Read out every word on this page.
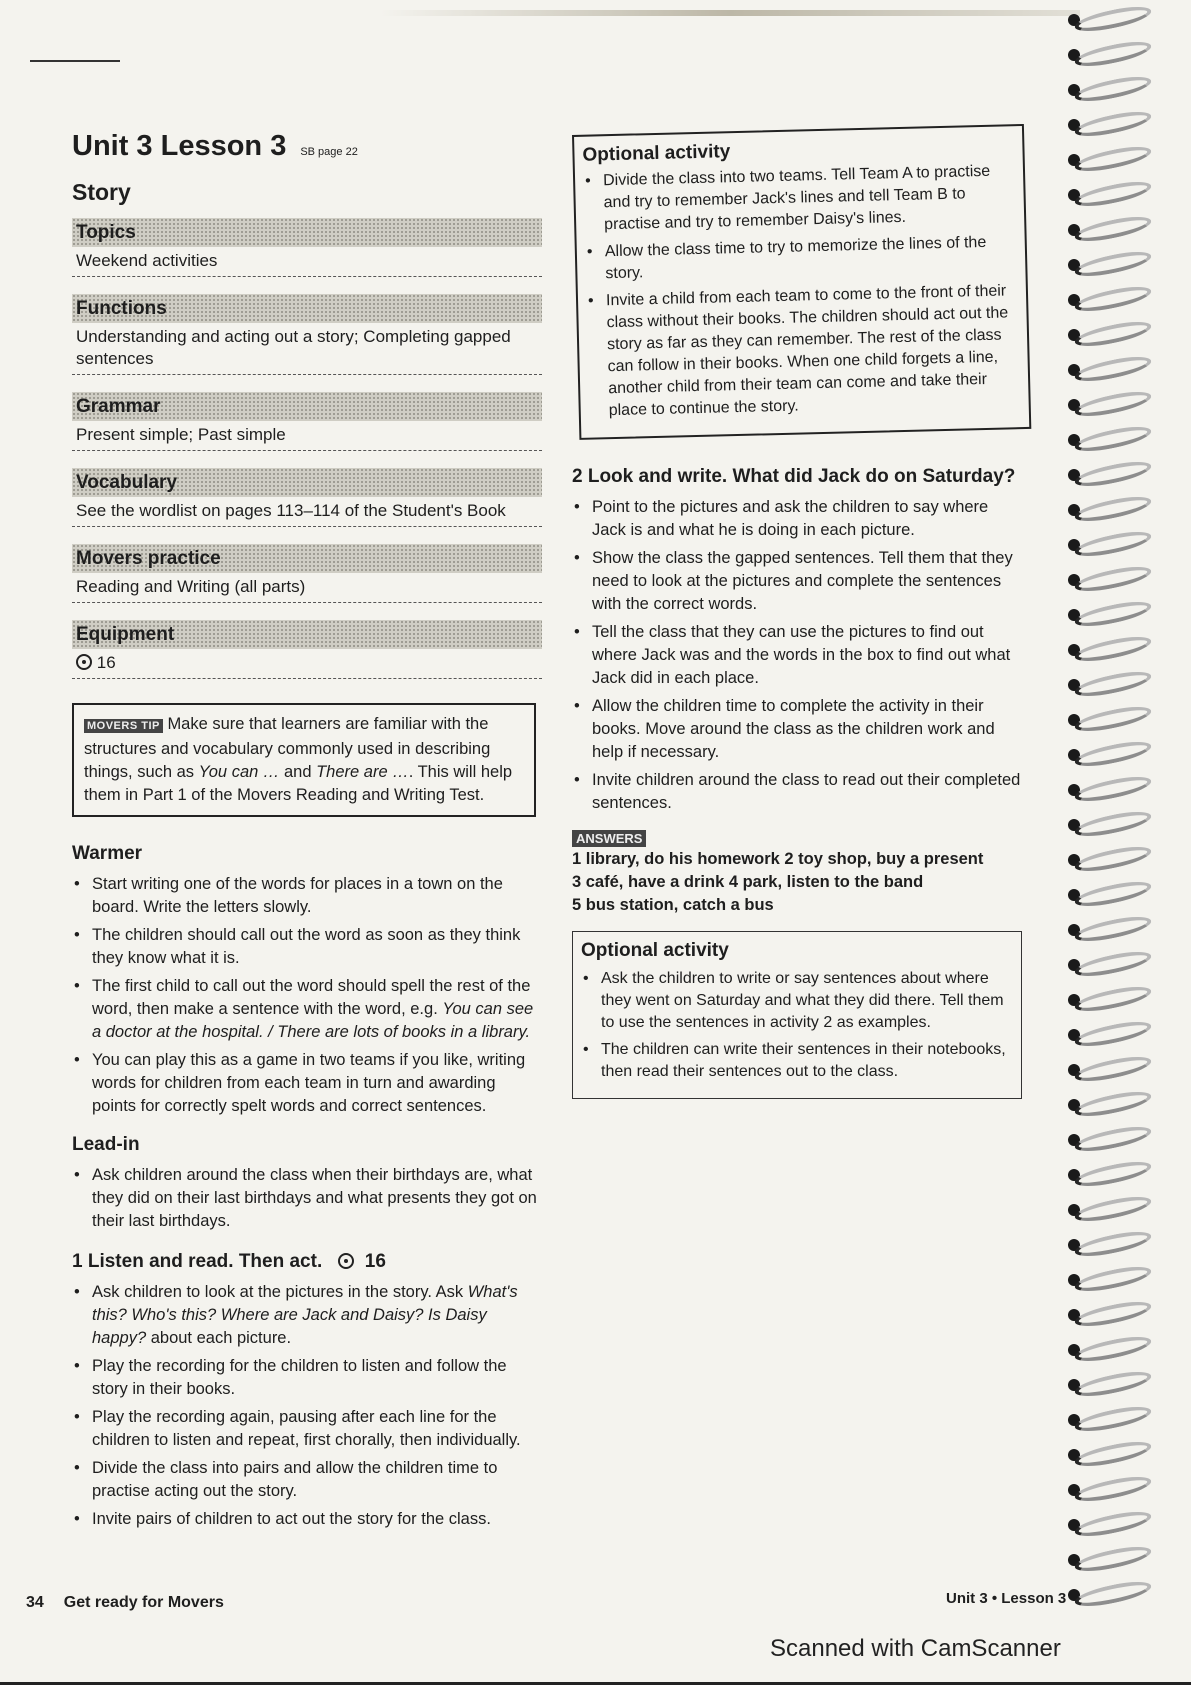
Unit 3 Lesson 3 SB page 22
Story
Topics
Weekend activities
Functions
Understanding and acting out a story; Completing gapped sentences
Grammar
Present simple; Past simple
Vocabulary
See the wordlist on pages 113–114 of the Student's Book
Movers practice
Reading and Writing (all parts)
Equipment
16
MOVERS TIP Make sure that learners are familiar with the structures and vocabulary commonly used in describing things, such as You can … and There are …. This will help them in Part 1 of the Movers Reading and Writing Test.
Warmer
• Start writing one of the words for places in a town on the board. Write the letters slowly.
• The children should call out the word as soon as they think they know what it is.
• The first child to call out the word should spell the rest of the word, then make a sentence with the word, e.g. You can see a doctor at the hospital. / There are lots of books in a library.
• You can play this as a game in two teams if you like, writing words for children from each team in turn and awarding points for correctly spelt words and correct sentences.
Lead-in
• Ask children around the class when their birthdays are, what they did on their last birthdays and what presents they got on their last birthdays.
1 Listen and read. Then act. 16
• Ask children to look at the pictures in the story. Ask What's this? Who's this? Where are Jack and Daisy? Is Daisy happy? about each picture.
• Play the recording for the children to listen and follow the story in their books.
• Play the recording again, pausing after each line for the children to listen and repeat, first chorally, then individually.
• Divide the class into pairs and allow the children time to practise acting out the story.
• Invite pairs of children to act out the story for the class.
Optional activity
• Divide the class into two teams. Tell Team A to practise and try to remember Jack's lines and tell Team B to practise and try to remember Daisy's lines.
• Allow the class time to try to memorize the lines of the story.
• Invite a child from each team to come to the front of their class without their books. The children should act out the story as far as they can remember. The rest of the class can follow in their books. When one child forgets a line, another child from their team can come and take their place to continue the story.
2 Look and write. What did Jack do on Saturday?
• Point to the pictures and ask the children to say where Jack is and what he is doing in each picture.
• Show the class the gapped sentences. Tell them that they need to look at the pictures and complete the sentences with the correct words.
• Tell the class that they can use the pictures to find out where Jack was and the words in the box to find out what Jack did in each place.
• Allow the children time to complete the activity in their books. Move around the class as the children work and help if necessary.
• Invite children around the class to read out their completed sentences.
ANSWERS
1 library, do his homework 2 toy shop, buy a present
3 café, have a drink 4 park, listen to the band
5 bus station, catch a bus
Optional activity
• Ask the children to write or say sentences about where they went on Saturday and what they did there. Tell them to use the sentences in activity 2 as examples.
• The children can write their sentences in their notebooks, then read their sentences out to the class.
34 Get ready for Movers	Unit 3 • Lesson 3
Scanned with CamScanner
